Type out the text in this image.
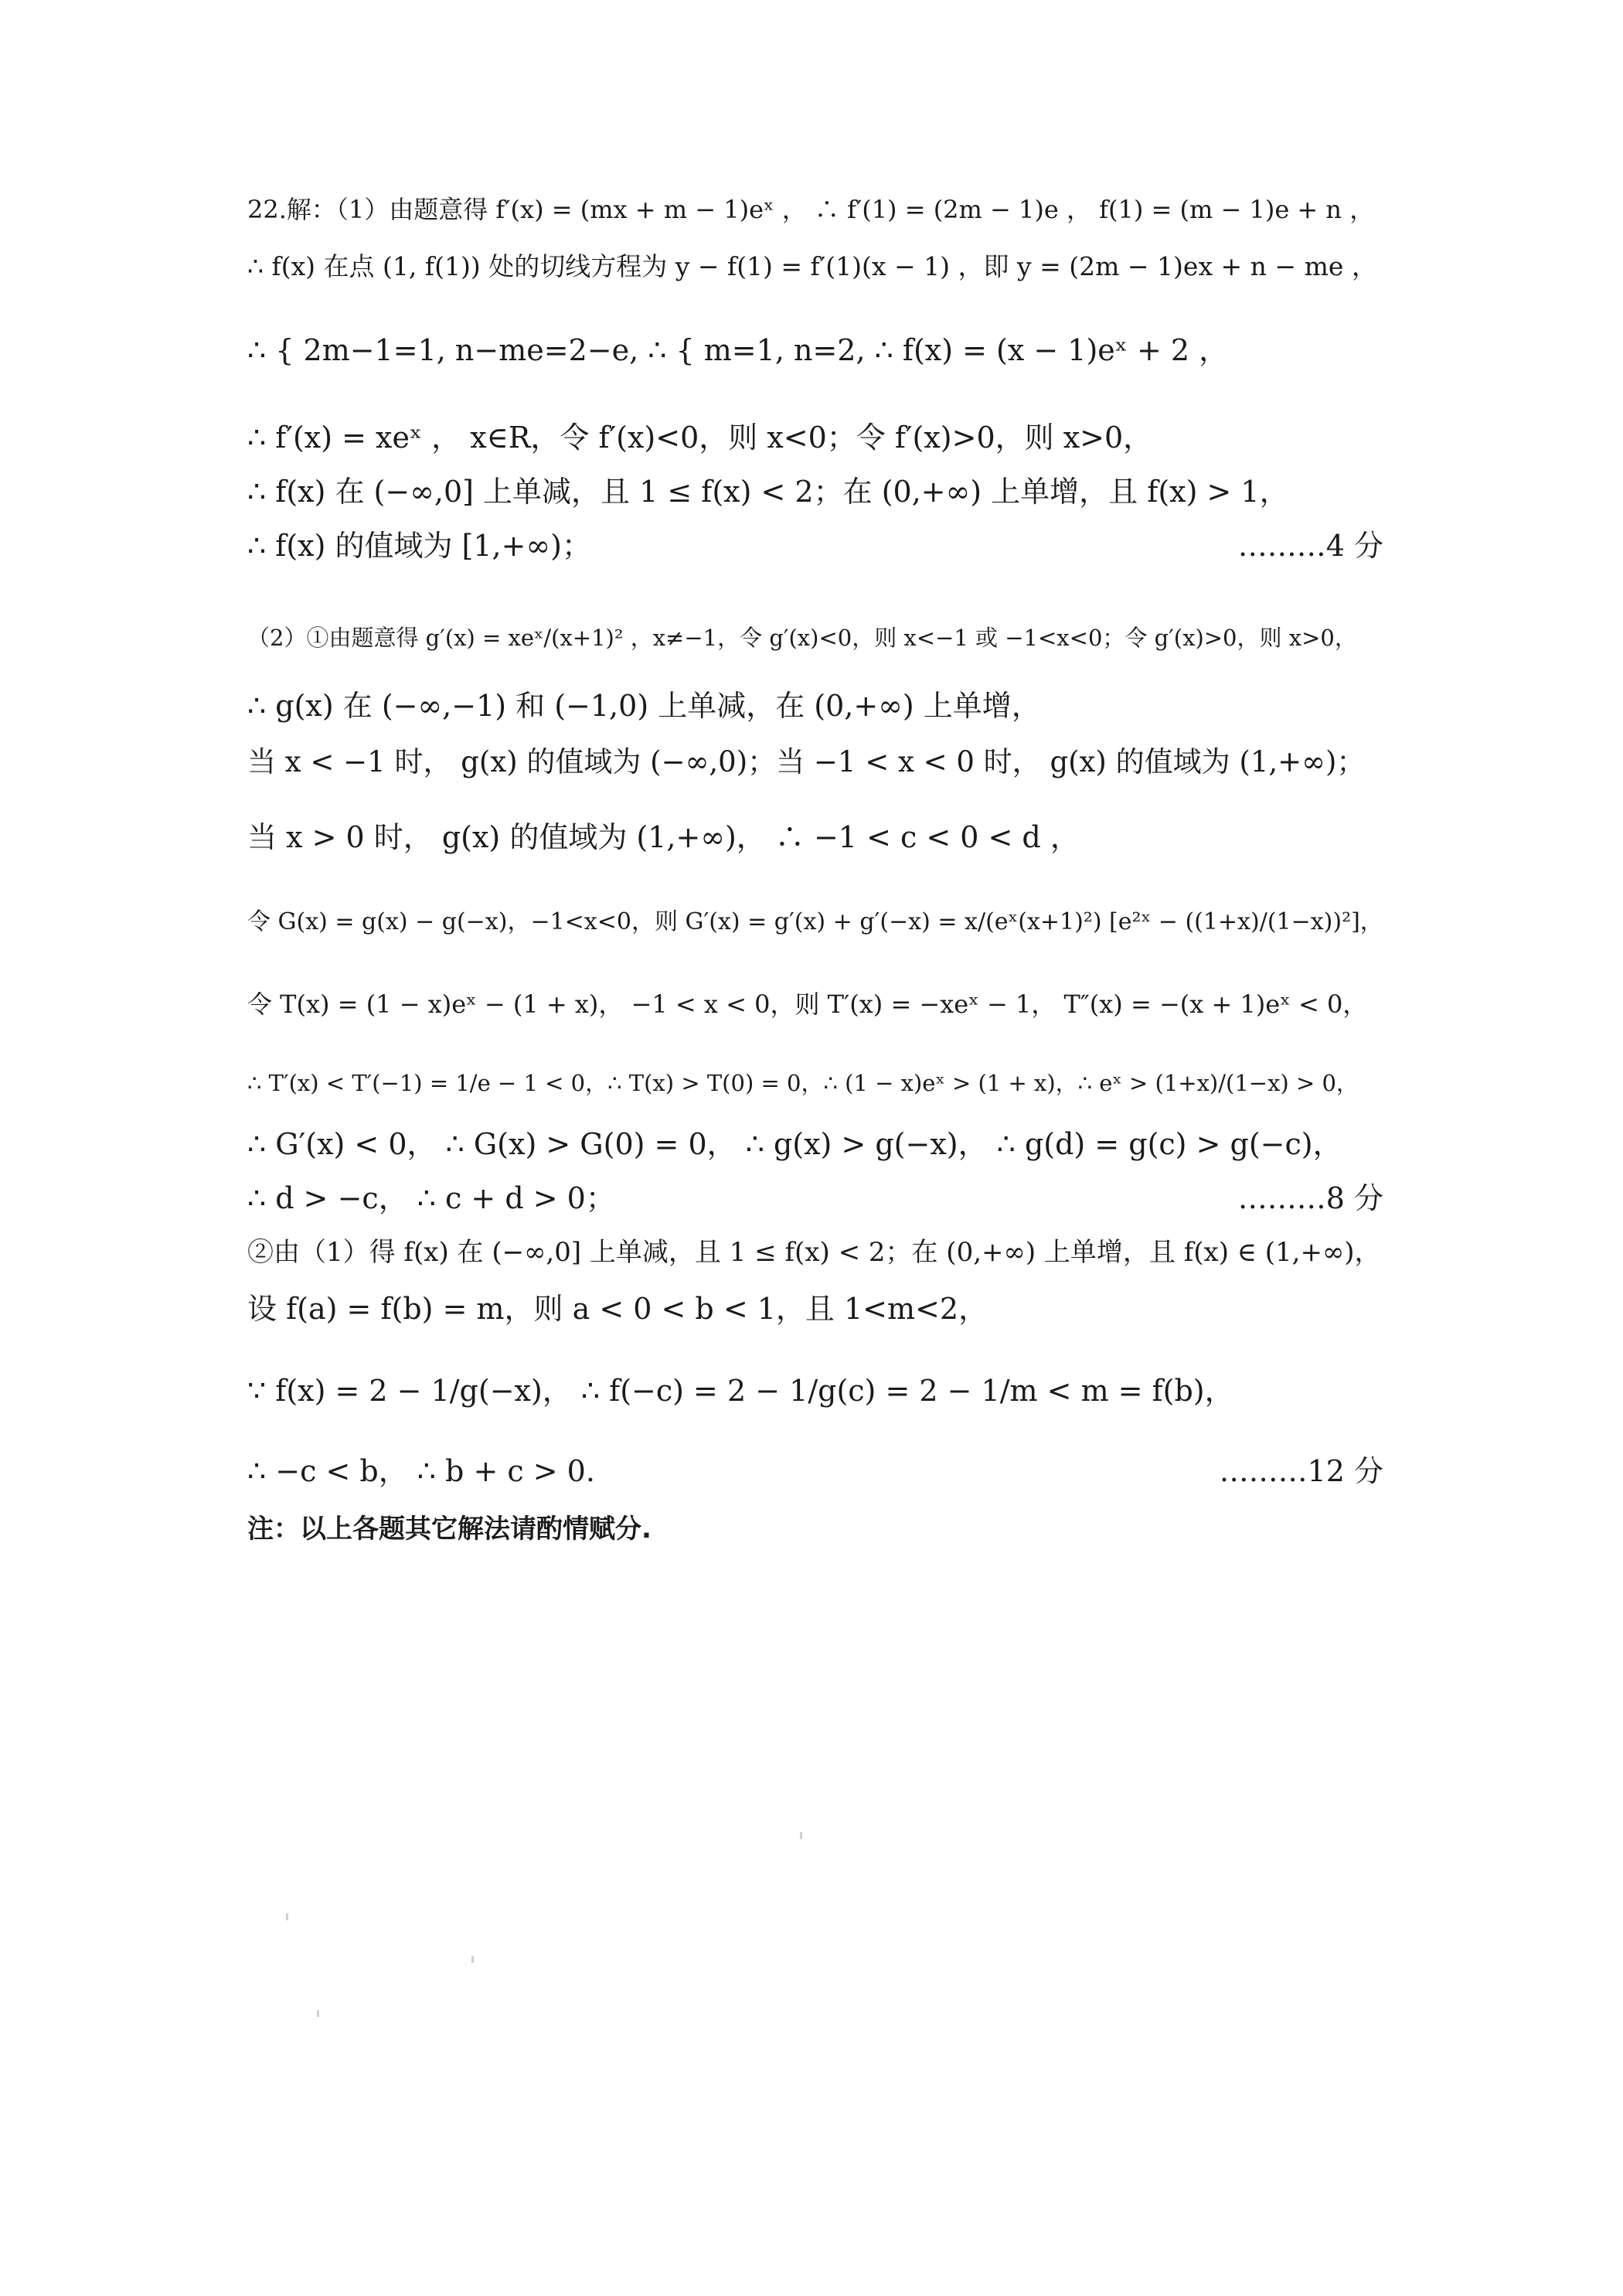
22.解：（1）由题意得 f′(x) = (mx + m − 1)eˣ ， ∴ f′(1) = (2m − 1)e ， f(1) = (m − 1)e + n ，
∴ f(x) 在点 (1, f(1)) 处的切线方程为 y − f(1) = f′(1)(x − 1) ，即 y = (2m − 1)ex + n − me ，
∴ { 2m−1=1, n−me=2−e, ∴ { m=1, n=2, ∴ f(x) = (x − 1)eˣ + 2 ，
∴ f′(x) = xeˣ ， x∈R，令 f′(x)<0，则 x<0；令 f′(x)>0，则 x>0，
∴ f(x) 在 (−∞,0] 上单减，且 1 ≤ f(x) < 2；在 (0,+∞) 上单增，且 f(x) > 1，
∴ f(x) 的值域为 [1,+∞)；
（2）①由题意得 g′(x) = xeˣ/(x+1)² ，x≠−1，令 g′(x)<0，则 x<−1 或 −1<x<0；令 g′(x)>0，则 x>0，
∴ g(x) 在 (−∞,−1) 和 (−1,0) 上单减，在 (0,+∞) 上单增，
当 x < −1 时， g(x) 的值域为 (−∞,0)；当 −1 < x < 0 时， g(x) 的值域为 (1,+∞)；
当 x > 0 时， g(x) 的值域为 (1,+∞)， ∴ −1 < c < 0 < d ，
令 G(x) = g(x) − g(−x)，−1<x<0，则 G′(x) = g′(x) + g′(−x) = x/(eˣ(x+1)²) [e²ˣ − ((1+x)/(1−x))²]，
令 T(x) = (1 − x)eˣ − (1 + x)， −1 < x < 0，则 T′(x) = −xeˣ − 1， T″(x) = −(x + 1)eˣ < 0，
∴ T′(x) < T′(−1) = 1/e − 1 < 0，∴ T(x) > T(0) = 0，∴ (1 − x)eˣ > (1 + x)，∴ eˣ > (1+x)/(1−x) > 0，
∴ G′(x) < 0， ∴ G(x) > G(0) = 0， ∴ g(x) > g(−x)， ∴ g(d) = g(c) > g(−c)，
∴ d > −c， ∴ c + d > 0；
②由（1）得 f(x) 在 (−∞,0] 上单减，且 1 ≤ f(x) < 2；在 (0,+∞) 上单增，且 f(x) ∈ (1,+∞)，
设 f(a) = f(b) = m，则 a < 0 < b < 1，且 1<m<2，
∵ f(x) = 2 − 1/g(−x)， ∴ f(−c) = 2 − 1/g(c) = 2 − 1/m < m = f(b)，
∴ −c < b， ∴ b + c > 0.
………4 分
………8 分
………12 分
注：以上各题其它解法请酌情赋分.
